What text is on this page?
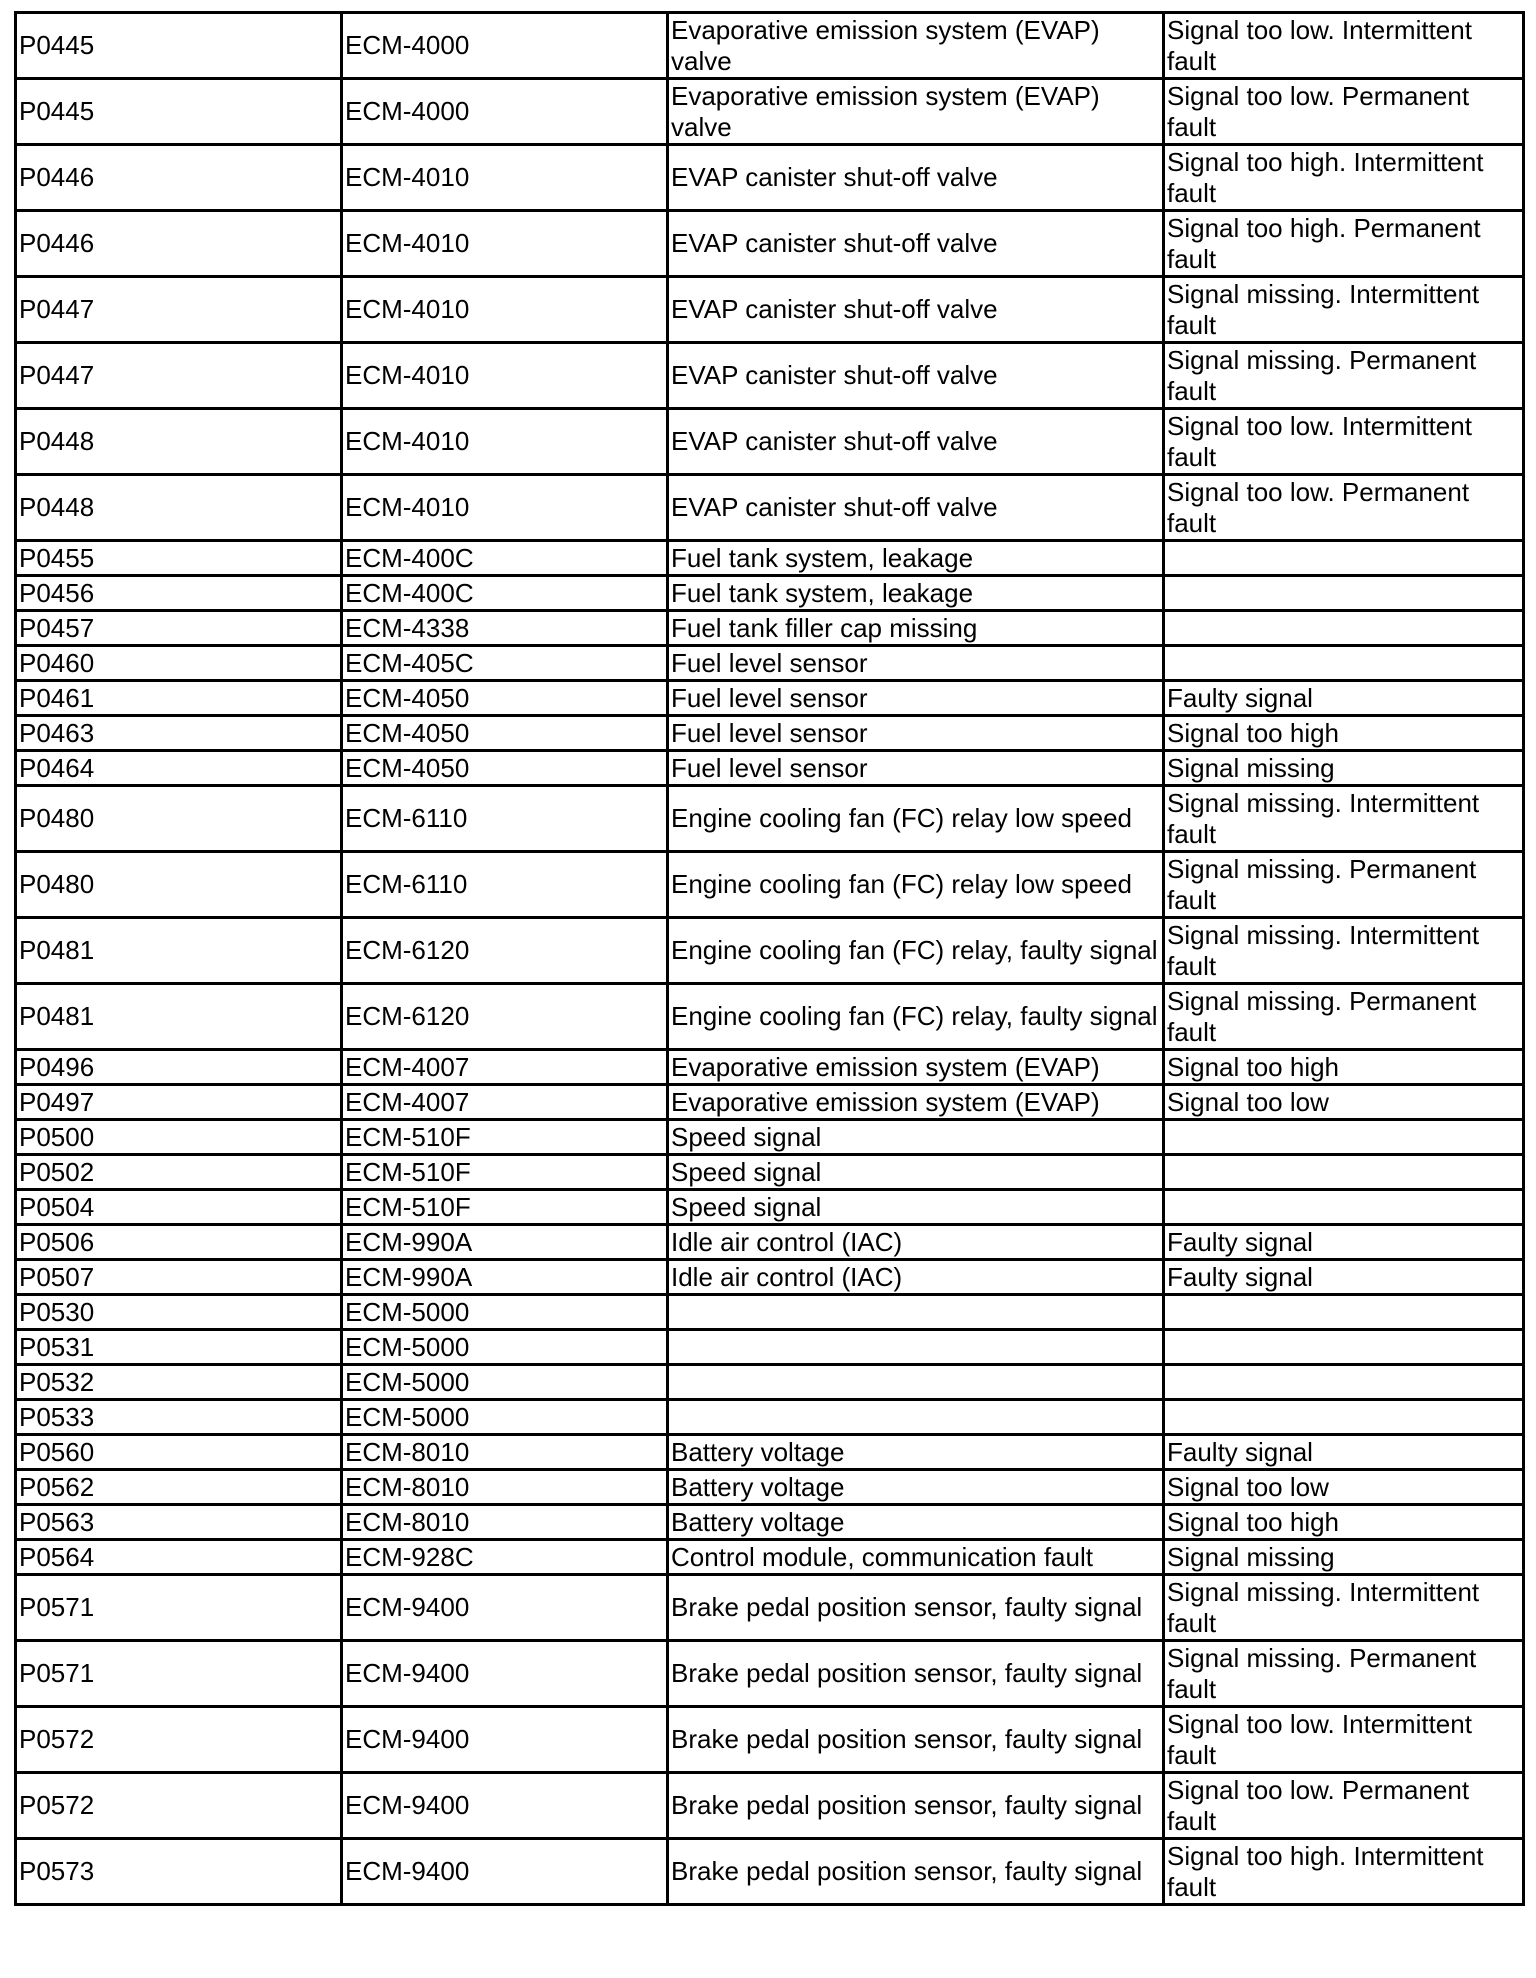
P0445	ECM-4000	Evaporative emission system (EVAP) valve	Signal too low. Intermittent fault
P0445	ECM-4000	Evaporative emission system (EVAP) valve	Signal too low. Permanent fault
P0446	ECM-4010	EVAP canister shut-off valve	Signal too high. Intermittent fault
P0446	ECM-4010	EVAP canister shut-off valve	Signal too high. Permanent fault
P0447	ECM-4010	EVAP canister shut-off valve	Signal missing. Intermittent fault
P0447	ECM-4010	EVAP canister shut-off valve	Signal missing. Permanent fault
P0448	ECM-4010	EVAP canister shut-off valve	Signal too low. Intermittent fault
P0448	ECM-4010	EVAP canister shut-off valve	Signal too low. Permanent fault
P0455	ECM-400C	Fuel tank system, leakage	
P0456	ECM-400C	Fuel tank system, leakage	
P0457	ECM-4338	Fuel tank filler cap missing	
P0460	ECM-405C	Fuel level sensor	
P0461	ECM-4050	Fuel level sensor	Faulty signal
P0463	ECM-4050	Fuel level sensor	Signal too high
P0464	ECM-4050	Fuel level sensor	Signal missing
P0480	ECM-6110	Engine cooling fan (FC) relay low speed	Signal missing. Intermittent fault
P0480	ECM-6110	Engine cooling fan (FC) relay low speed	Signal missing. Permanent fault
P0481	ECM-6120	Engine cooling fan (FC) relay, faulty signal	Signal missing. Intermittent fault
P0481	ECM-6120	Engine cooling fan (FC) relay, faulty signal	Signal missing. Permanent fault
P0496	ECM-4007	Evaporative emission system (EVAP)	Signal too high
P0497	ECM-4007	Evaporative emission system (EVAP)	Signal too low
P0500	ECM-510F	Speed signal	
P0502	ECM-510F	Speed signal	
P0504	ECM-510F	Speed signal	
P0506	ECM-990A	Idle air control (IAC)	Faulty signal
P0507	ECM-990A	Idle air control (IAC)	Faulty signal
P0530	ECM-5000		
P0531	ECM-5000		
P0532	ECM-5000		
P0533	ECM-5000		
P0560	ECM-8010	Battery voltage	Faulty signal
P0562	ECM-8010	Battery voltage	Signal too low
P0563	ECM-8010	Battery voltage	Signal too high
P0564	ECM-928C	Control module, communication fault	Signal missing
P0571	ECM-9400	Brake pedal position sensor, faulty signal	Signal missing. Intermittent fault
P0571	ECM-9400	Brake pedal position sensor, faulty signal	Signal missing. Permanent fault
P0572	ECM-9400	Brake pedal position sensor, faulty signal	Signal too low. Intermittent fault
P0572	ECM-9400	Brake pedal position sensor, faulty signal	Signal too low. Permanent fault
P0573	ECM-9400	Brake pedal position sensor, faulty signal	Signal too high. Intermittent fault
